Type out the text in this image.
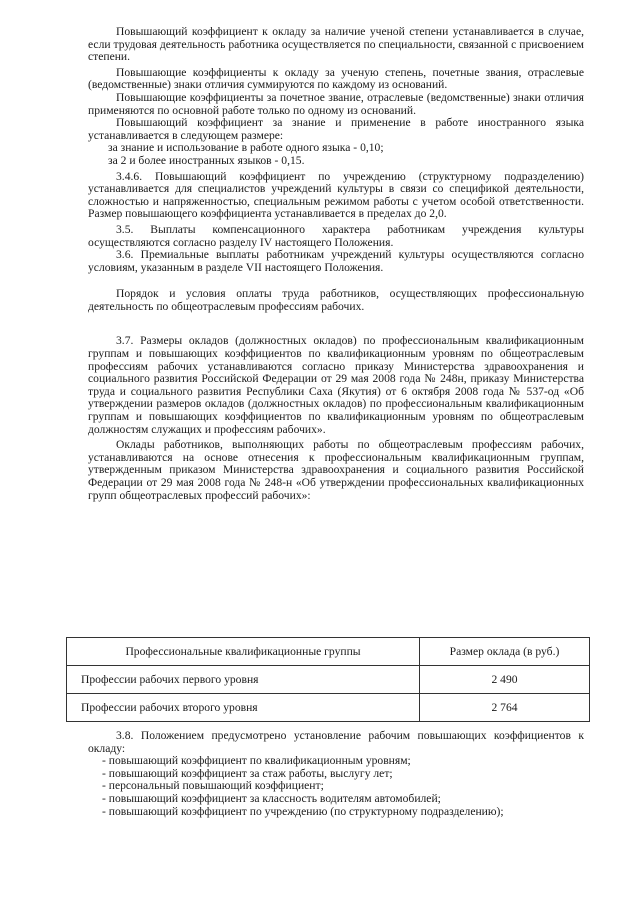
Повышающий коэффициент к окладу за наличие ученой степени устанавливается в случае, если трудовая деятельность работника осуществляется по специальности, связанной с присвоением степени.

Повышающие коэффициенты к окладу за ученую степень, почетные звания, отраслевые (ведомственные) знаки отличия суммируются по каждому из оснований.

Повышающие коэффициенты за почетное звание, отраслевые (ведомственные) знаки отличия применяются по основной работе только по одному из оснований.

Повышающий коэффициент за знание и применение в работе иностранного языка устанавливается в следующем размере:

за знание и использование в работе одного языка - 0,10;

за 2 и более иностранных языков - 0,15.

3.4.6. Повышающий коэффициент по учреждению (структурному подразделению) устанавливается для специалистов учреждений культуры в связи со спецификой деятельности, сложностью и напряженностью, специальным режимом работы с учетом особой ответственности. Размер повышающего коэффициента устанавливается в пределах до 2,0.

3.5. Выплаты компенсационного характера работникам учреждения культуры осуществляются согласно разделу IV настоящего Положения.

3.6. Премиальные выплаты работникам учреждений культуры осуществляются согласно условиям, указанным в разделе VII настоящего Положения.

Порядок и условия оплаты труда работников, осуществляющих профессиональную деятельность по общеотраслевым профессиям рабочих.

3.7. Размеры окладов (должностных окладов) по профессиональным квалификационным группам и повышающих коэффициентов по квалификационным уровням по общеотраслевым профессиям рабочих устанавливаются согласно приказу Министерства здравоохранения и социального развития Российской Федерации от 29 мая 2008 года № 248н, приказу Министерства труда и социального развития Республики Саха (Якутия) от 6 октября 2008 года № 537-од «Об утверждении размеров окладов (должностных окладов) по профессиональным квалификационным группам и повышающих коэффициентов по квалификационным уровням по общеотраслевым должностям служащих и профессиям рабочих».

Оклады работников, выполняющих работы по общеотраслевым профессиям рабочих, устанавливаются на основе отнесения к профессиональным квалификационным группам, утвержденным приказом Министерства здравоохранения и социального развития Российской Федерации от 29 мая 2008 года № 248-н «Об утверждении профессиональных квалификационных групп общеотраслевых профессий рабочих»:

Профессиональные квалификационные группы	Размер оклада (в руб.)
Профессии рабочих первого уровня	2 490
Профессии рабочих второго уровня	2 764

3.8. Положением предусмотрено установление рабочим повышающих коэффициентов к окладу:

- повышающий коэффициент по квалификационным уровням;

- повышающий коэффициент за стаж работы, выслугу лет;

- персональный повышающий коэффициент;

- повышающий коэффициент за классность водителям автомобилей;

- повышающий коэффициент по учреждению (по структурному подразделению);
